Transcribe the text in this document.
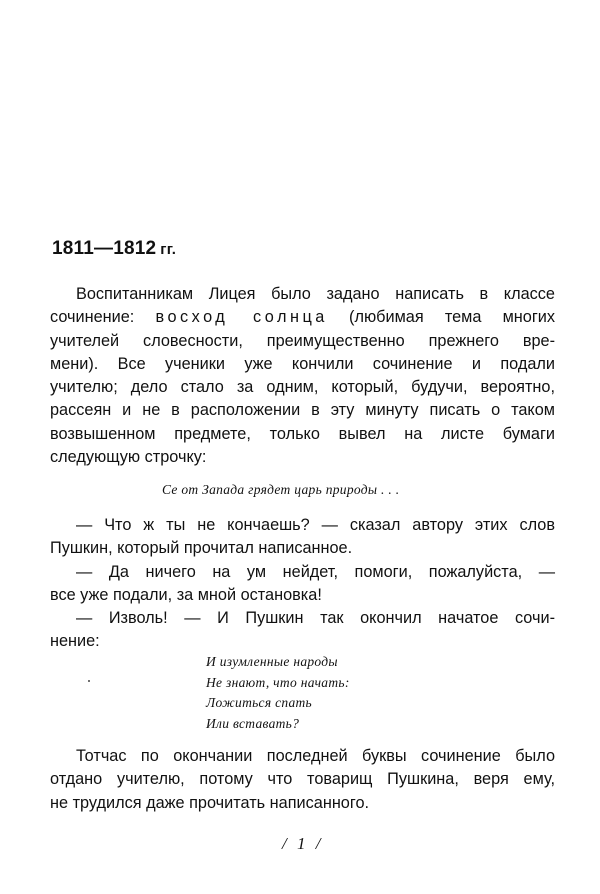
1811—1812 гг.

Воспитанникам Лицея было задано написать в классе
сочинение: восход солнца (любимая тема многих
учителей словесности, преимущественно прежнего вре-
мени). Все ученики уже кончили сочинение и подали
учителю; дело стало за одним, который, будучи, вероятно,
рассеян и не в расположении в эту минуту писать о таком
возвышенном предмете, только вывел на листе бумаги
следующую строчку:

Се от Запада грядет царь природы . . .

— Что ж ты не кончаешь? — сказал автору этих слов
Пушкин, который прочитал написанное.
— Да ничего на ум нейдет, помоги, пожалуйста, —
все уже подали, за мной остановка!
— Изволь! — И Пушкин так окончил начатое сочи-
нение:

И изумленные народы
Не знают, что начать:
Ложиться спать
Или вставать?

Тотчас по окончании последней буквы сочинение было
отдано учителю, потому что товарищ Пушкина, веря ему,
не трудился даже прочитать написанного.

/ 1 /
